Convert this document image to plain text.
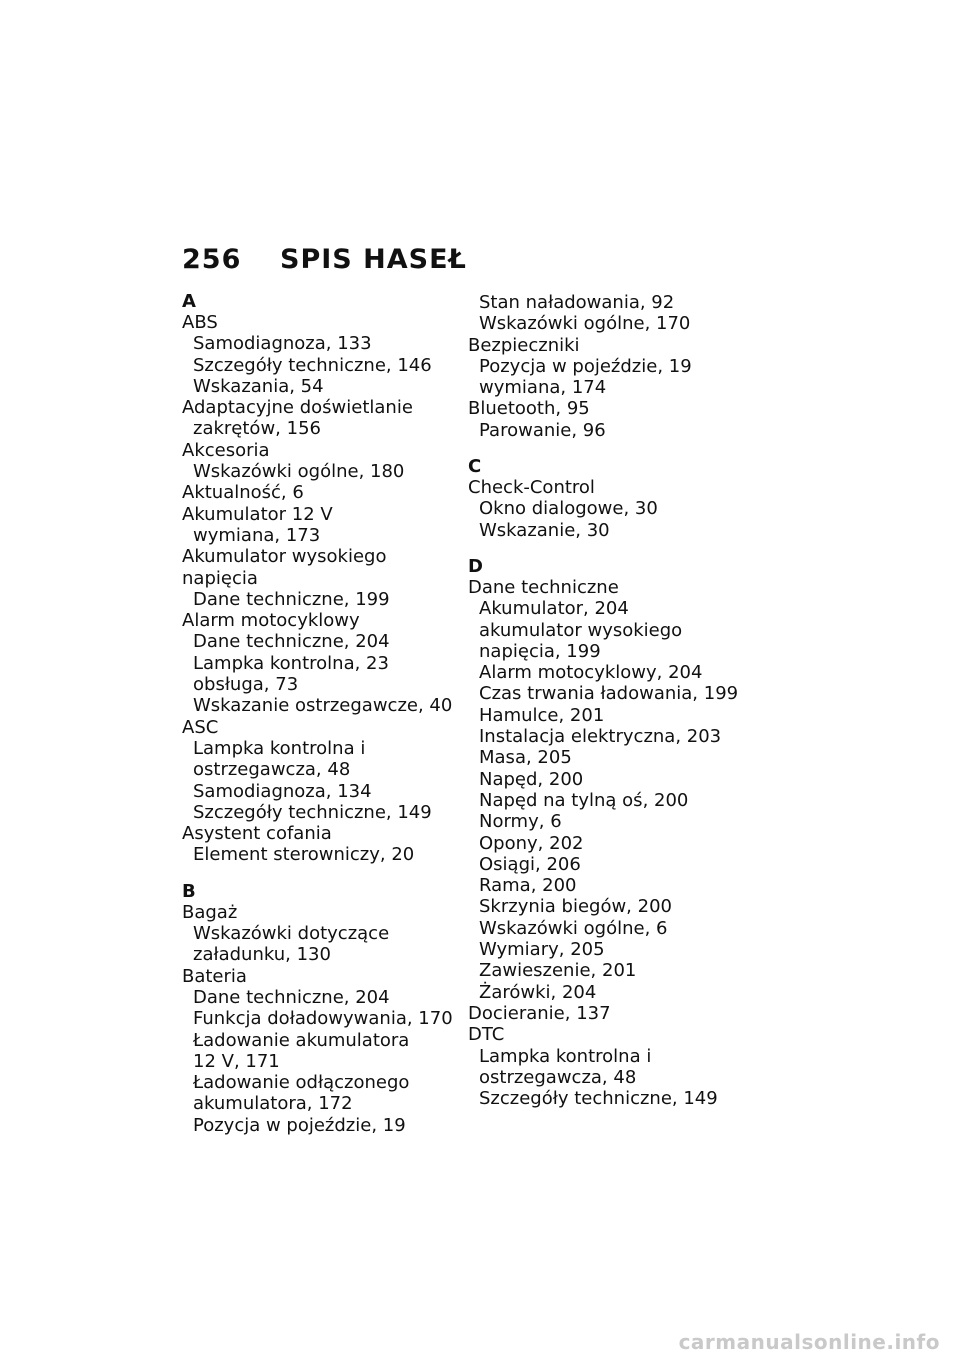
256	SPIS HASEŁ
A
ABS
Samodiagnoza, 133
Szczegóły techniczne, 146
Wskazania, 54
Adaptacyjne doświetlanie
zakrętów, 156
Akcesoria
Wskazówki ogólne, 180
Aktualność, 6
Akumulator 12 V
wymiana, 173
Akumulator wysokiego napięcia
Dane techniczne, 199
Alarm motocyklowy
Dane techniczne, 204
Lampka kontrolna, 23
obsługa, 73
Wskazanie ostrzegawcze, 40
ASC
Lampka kontrolna i
ostrzegawcza, 48
Samodiagnoza, 134
Szczegóły techniczne, 149
Asystent cofania
Element sterowniczy, 20
B
Bagaż
Wskazówki dotyczące
załadunku, 130
Bateria
Dane techniczne, 204
Funkcja doładowywania, 170
Ładowanie akumulatora
12 V, 171
Ładowanie odłączonego
akumulatora, 172
Pozycja w pojeździe, 19
Stan naładowania, 92
Wskazówki ogólne, 170
Bezpieczniki
Pozycja w pojeździe, 19
wymiana, 174
Bluetooth, 95
Parowanie, 96
C
Check-Control
Okno dialogowe, 30
Wskazanie, 30
D
Dane techniczne
Akumulator, 204
akumulator wysokiego
napięcia, 199
Alarm motocyklowy, 204
Czas trwania ładowania, 199
Hamulce, 201
Instalacja elektryczna, 203
Masa, 205
Napęd, 200
Napęd na tylną oś, 200
Normy, 6
Opony, 202
Osiągi, 206
Rama, 200
Skrzynia biegów, 200
Wskazówki ogólne, 6
Wymiary, 205
Zawieszenie, 201
Żarówki, 204
Docieranie, 137
DTC
Lampka kontrolna i
ostrzegawcza, 48
Szczegóły techniczne, 149
carmanualsonline.info
